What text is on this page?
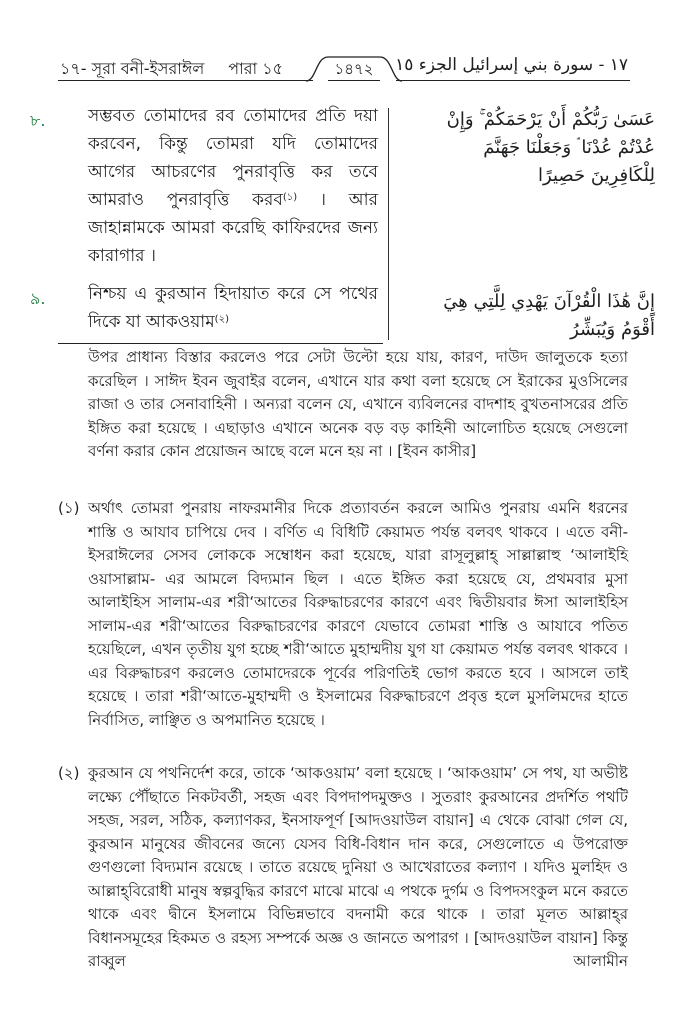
১৭- সূরা বনী-ইসরাঈল পারা ১৫	১৪৭২ ١٧ - سورة بني إسرائيل الجزء ١٥
৮.	সম্ভবত তোমাদের রব তোমাদের প্রতি দয়া করবেন, কিন্তু তোমরা যদি তোমাদের আগের আচরণের পুনরাবৃত্তি কর তবে আমরাও পুনরাবৃত্তি করব$^{(১)}$ । আর জাহান্নামকে আমরা করেছি কাফিরদের জন্য কারাগার ।
عَسَىٰ رَبُّكُمْ أَنْ يَرْحَمَكُمْ ۚ وَإِنْ عُدْتُمْ عُدْنَا ۘ وَجَعَلْنَا جَهَنَّمَ لِلْكَافِرِينَ حَصِيرًا
৯.	নিশ্চয় এ কুরআন হিদায়াত করে সে পথের দিকে যা আকওয়াম$^{(২)}$
إِنَّ هَٰذَا الْقُرْآنَ يَهْدِي لِلَّتِي هِيَ أَقْوَمُ وَيُبَشِّرُ
উপর প্রাধান্য বিস্তার করলেও পরে সেটা উল্টো হয়ে যায়, কারণ, দাউদ জালুতকে হত্যা করেছিল । সাঈদ ইবন জুবাইর বলেন, এখানে যার কথা বলা হয়েছে সে ইরাকের মুওসিলের রাজা ও তার সেনাবাহিনী । অন্যরা বলেন যে, এখানে ব্যবিলনের বাদশাহ বুখতনাসরের প্রতি ইঙ্গিত করা হয়েছে । এছাড়াও এখানে অনেক বড় বড় কাহিনী আলোচিত হয়েছে সেগুলো বর্ণনা করার কোন প্রয়োজন আছে বলে মনে হয় না । [ইবন কাসীর]
(১) অর্থাৎ তোমরা পুনরায় নাফরমানীর দিকে প্রত্যাবর্তন করলে আমিও পুনরায় এমনি ধরনের শাস্তি ও আযাব চাপিয়ে দেব । বর্ণিত এ বিধিটি কেয়ামত পর্যন্ত বলবৎ থাকবে । এতে বনী-ইসরাঈলের সেসব লোককে সম্বোধন করা হয়েছে, যারা রাসূলুল্লাহ্ সাল্লাল্লাহু ‘আলাইহি ওয়াসাল্লাম- এর আমলে বিদ্যমান ছিল । এতে ইঙ্গিত করা হয়েছে যে, প্রথমবার মুসা আলাইহিস সালাম-এর শরী‘আতের বিরুদ্ধাচরণের কারণে এবং দ্বিতীয়বার ঈসা আলাইহিস সালাম-এর শরী‘আতের বিরুদ্ধাচরণের কারণে যেভাবে তোমরা শাস্তি ও আযাবে পতিত হয়েছিলে, এখন তৃতীয় যুগ হচ্ছে শরী‘আতে মুহাম্মদীয় যুগ যা কেয়ামত পর্যন্ত বলবৎ থাকবে । এর বিরুদ্ধাচরণ করলেও তোমাদেরকে পূর্বের পরিণতিই ভোগ করতে হবে । আসলে তাই হয়েছে । তারা শরী‘আতে-মুহাম্মদী ও ইসলামের বিরুদ্ধাচরণে প্রবৃত্ত হলে মুসলিমদের হাতে নির্বাসিত, লাঞ্ছিত ও অপমানিত হয়েছে ।
(২) কুরআন যে পথনির্দেশ করে, তাকে ‘আকওয়াম’ বলা হয়েছে । ‘আকওয়াম’ সে পথ, যা অভীষ্ট লক্ষ্যে পৌঁছাতে নিকটবর্তী, সহজ এবং বিপদাপদমুক্তও । সুতরাং কুরআনের প্রদর্শিত পথটি সহজ, সরল, সঠিক, কল্যাণকর, ইনসাফপূর্ণ [আদওয়াউল বায়ান] এ থেকে বোঝা গেল যে, কুরআন মানুষের জীবনের জন্যে যেসব বিধি-বিধান দান করে, সেগুলোতে এ উপরোক্ত গুণগুলো বিদ্যমান রয়েছে । তাতে রয়েছে দুনিয়া ও আখেরাতের কল্যাণ । যদিও মুলহিদ ও আল্লাহ্‌বিরোধী মানুষ স্বল্পবুদ্ধির কারণে মাঝে মাঝে এ পথকে দুর্গম ও বিপদসংকুল মনে করতে থাকে এবং দ্বীনে ইসলামে বিভিন্নভাবে বদনামী করে থাকে । তারা মূলত আল্লাহ্‌র বিধানসমূহের হিকমত ও রহস্য সম্পর্কে অজ্ঞ ও জানতে অপারগ । [আদওয়াউল বায়ান] কিন্তু রাব্বুল আলামীন
